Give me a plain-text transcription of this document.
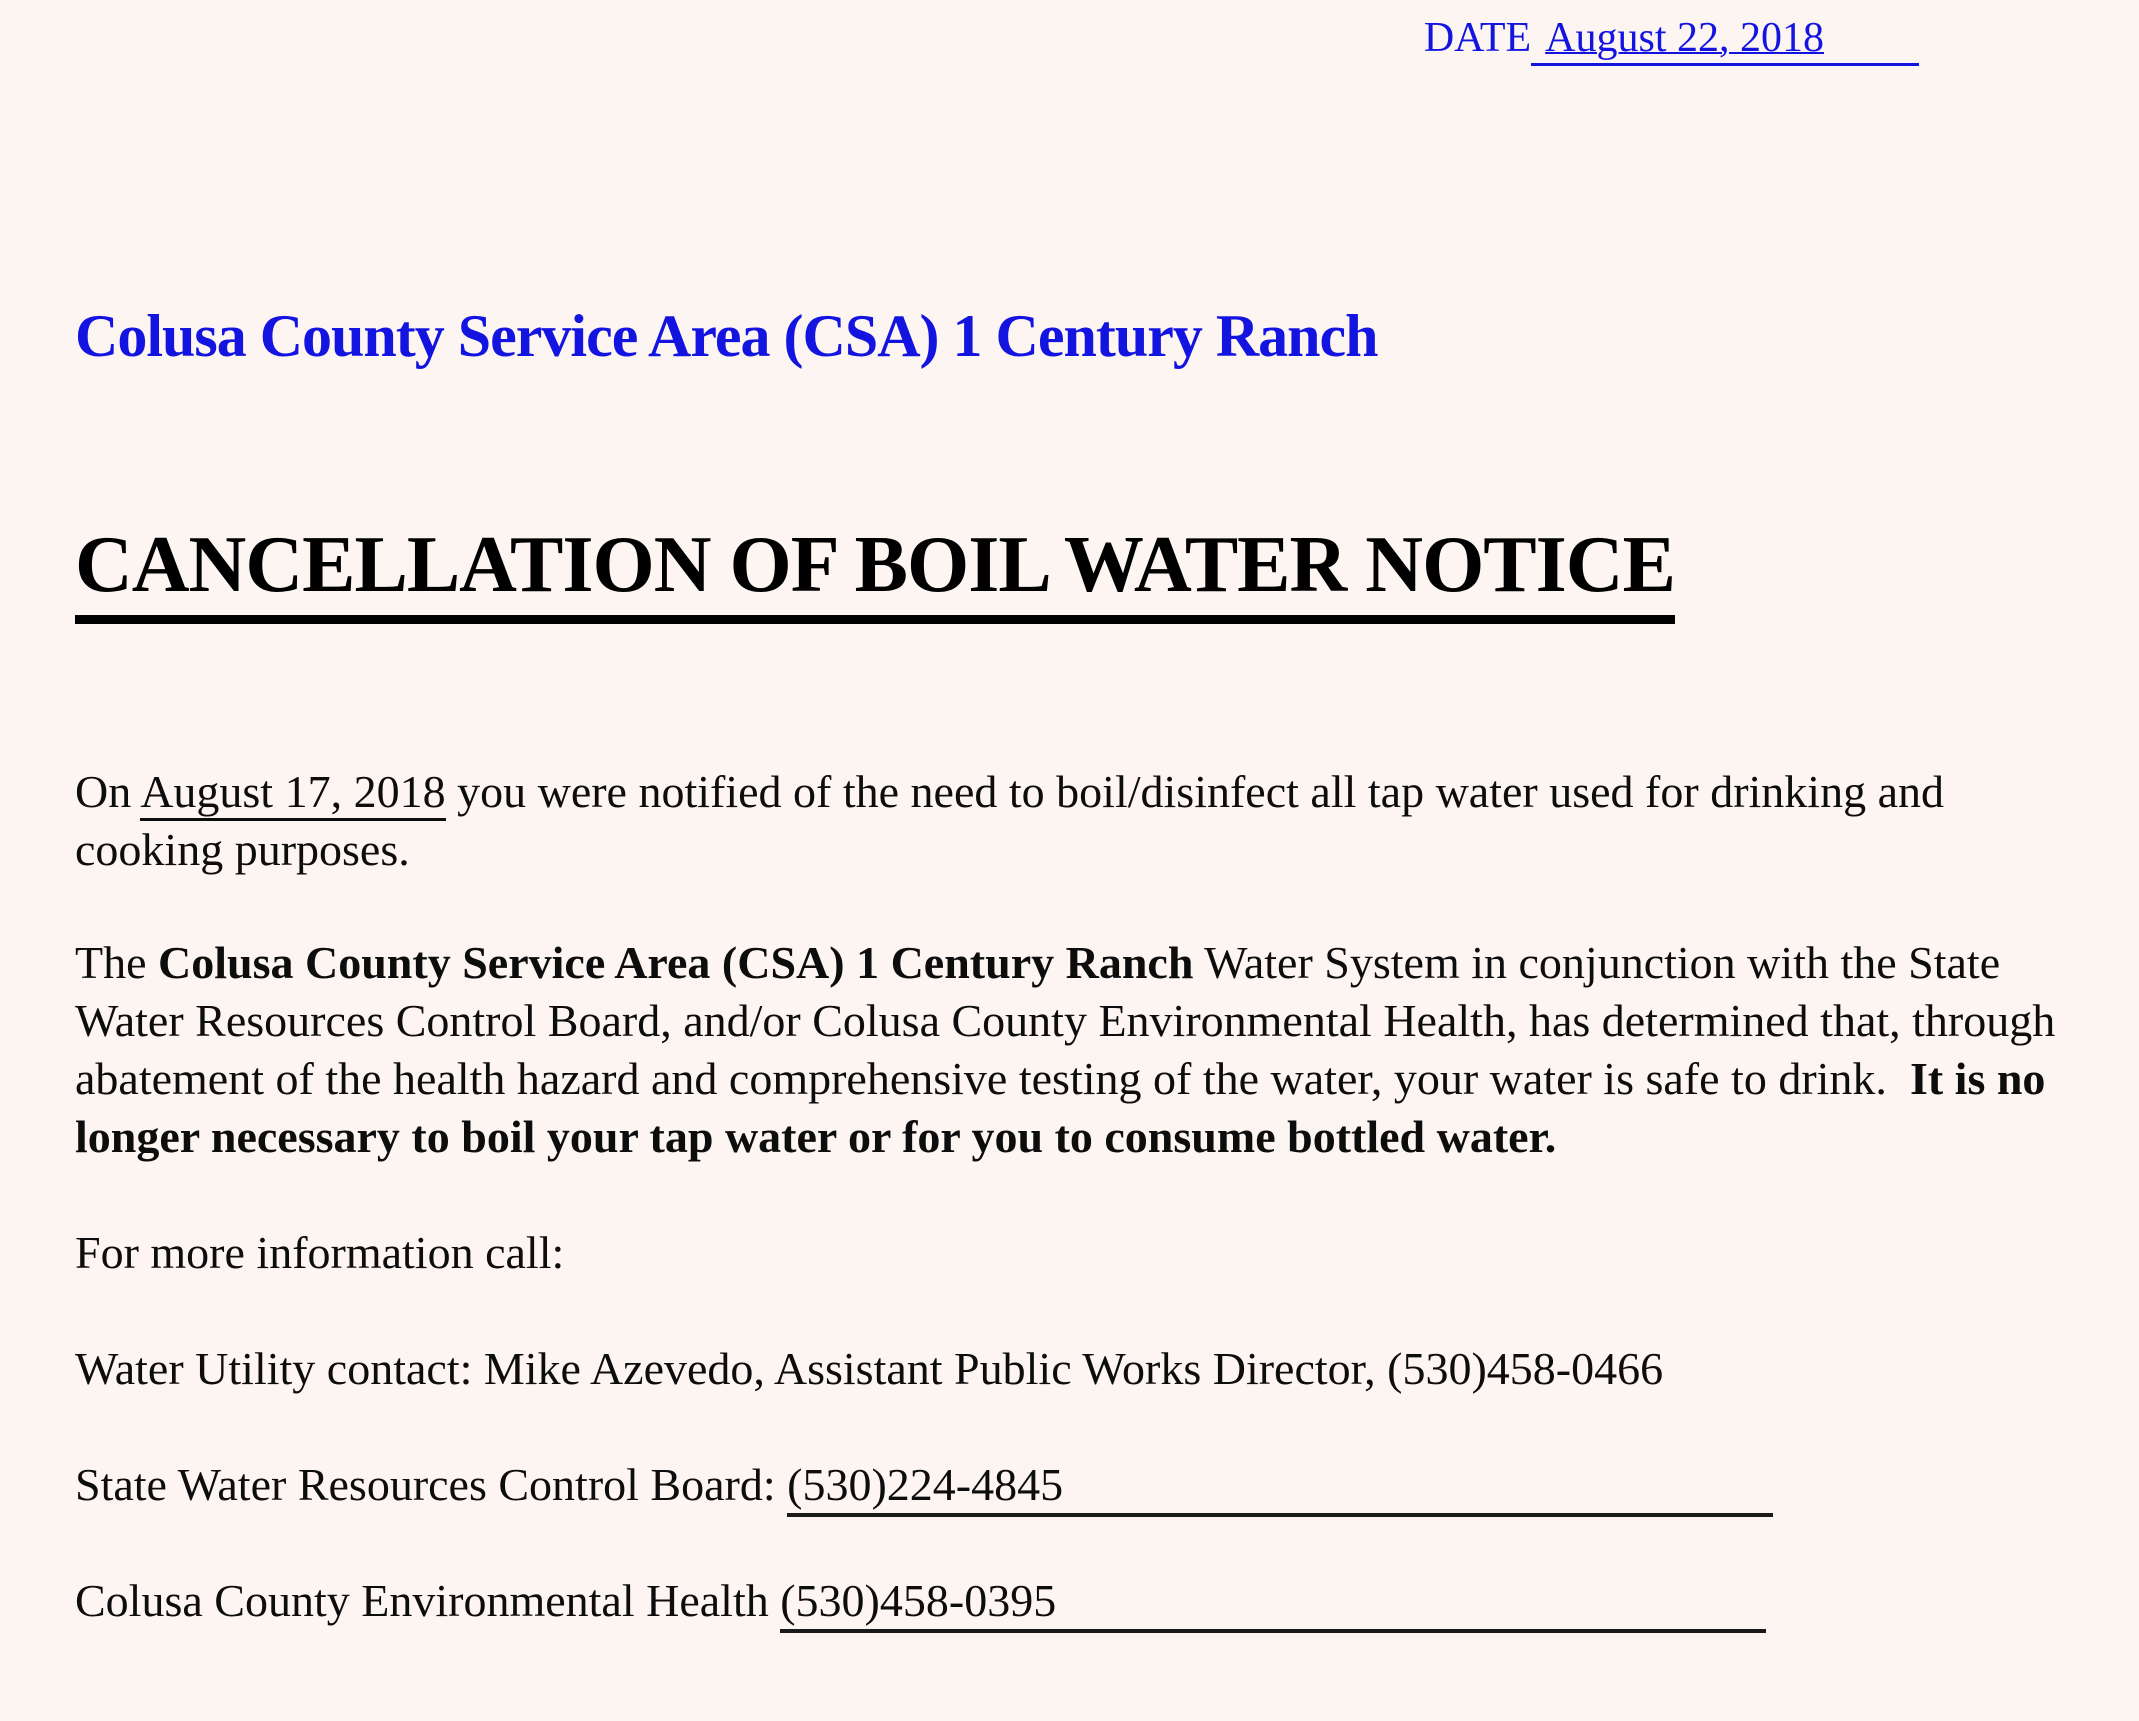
DATE August 22, 2018

Colusa County Service Area (CSA) 1 Century Ranch
CANCELLATION OF BOIL WATER NOTICE

On August 17, 2018 you were notified of the need to boil/disinfect all tap water used for drinking and cooking purposes.

The Colusa County Service Area (CSA) 1 Century Ranch Water System in conjunction with the State Water Resources Control Board, and/or Colusa County Environmental Health, has determined that, through abatement of the health hazard and comprehensive testing of the water, your water is safe to drink.  It is no longer necessary to boil your tap water or for you to consume bottled water.

For more information call:

Water Utility contact: Mike Azevedo, Assistant Public Works Director, (530)458-0466

State Water Resources Control Board: (530)224-4845

Colusa County Environmental Health (530)458-0395
